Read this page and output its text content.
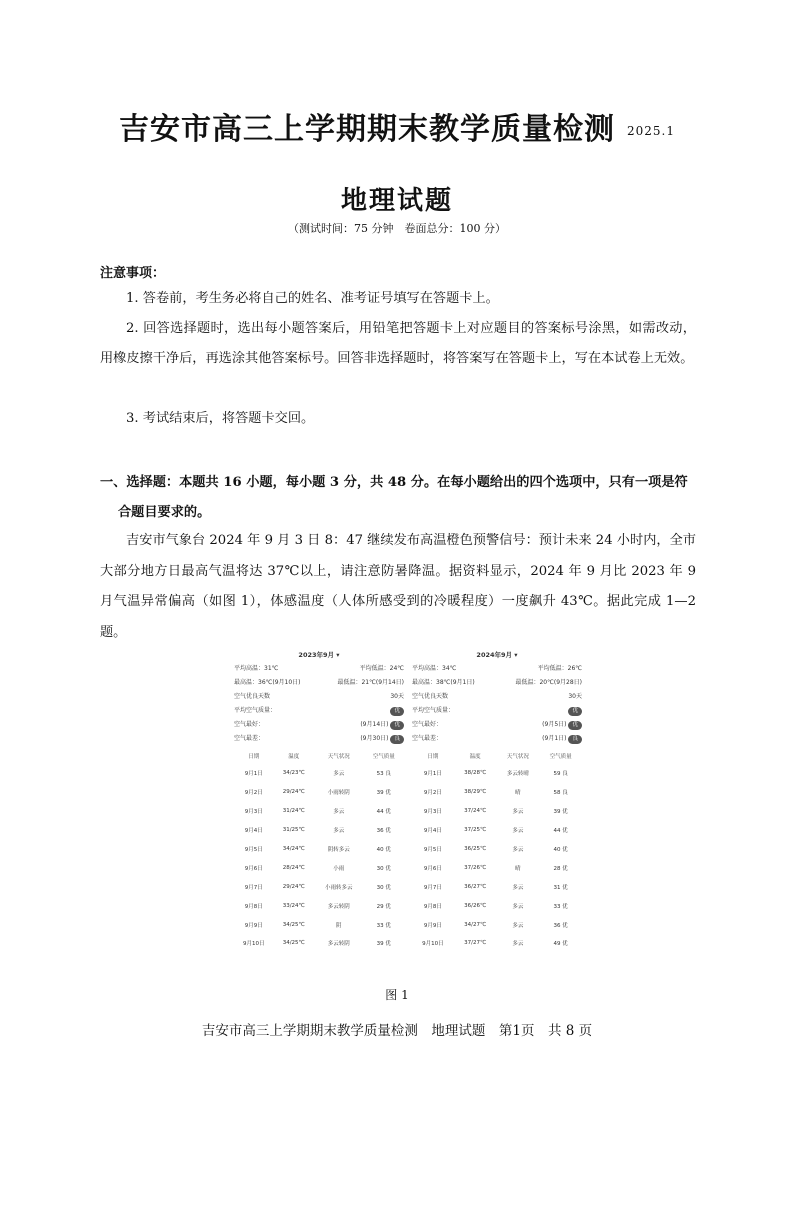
吉安市高三上学期期末教学质量检测 2025.1
地理试题
（测试时间：75 分钟　卷面总分：100 分）
注意事项：
1. 答卷前，考生务必将自己的姓名、准考证号填写在答题卡上。
2. 回答选择题时，选出每小题答案后，用铅笔把答题卡上对应题目的答案标号涂黑，如需改动，用橡皮擦干净后，再选涂其他答案标号。回答非选择题时，将答案写在答题卡上，写在本试卷上无效。
3. 考试结束后，将答题卡交回。
一、选择题：本题共 16 小题，每小题 3 分，共 48 分。在每小题给出的四个选项中，只有一项是符
合题目要求的。
吉安市气象台 2024 年 9 月 3 日 8：47 继续发布高温橙色预警信号：预计未来 24 小时内，全市大部分地方日最高气温将达 37℃以上，请注意防暑降温。据资料显示，2024 年 9 月比 2023 年 9 月气温异常偏高（如图 1），体感温度（人体所感受到的冷暖程度）一度飙升 43℃。据此完成 1—2 题。
2023年9月 ▾
平均高温：31℃	平均低温：24℃
最高温：36℃(9月10日)	最低温：21℃(9月14日)
空气优良天数	30天
平均空气质量：	优
空气最好：	(9月14日) 优
空气最差：	(9月30日) 良
日期	温度	天气状况	空气质量
9月1日	34/23℃	多云	53 良
9月2日	29/24℃	小雨转阴	39 优
9月3日	31/24℃	多云	44 优
9月4日	31/25℃	多云	36 优
9月5日	34/24℃	阴转多云	40 优
9月6日	28/24℃	小雨	30 优
9月7日	29/24℃	小雨转多云	30 优
9月8日	33/24℃	多云转阴	29 优
9月9日	34/25℃	阴	33 优
9月10日	34/25℃	多云转阴	39 优
2024年9月 ▾
平均高温：34℃	平均低温：26℃
最高温：38℃(9月1日)	最低温：20℃(9月28日)
空气优良天数	30天
平均空气质量：	优
空气最好：	(9月5日) 优
空气最差：	(9月1日) 良
日期	温度	天气状况	空气质量
9月1日	38/28℃	多云转晴	59 良
9月2日	38/29℃	晴	58 良
9月3日	37/24℃	多云	39 优
9月4日	37/25℃	多云	44 优
9月5日	36/25℃	多云	40 优
9月6日	37/26℃	晴	28 优
9月7日	36/27℃	多云	31 优
9月8日	36/26℃	多云	33 优
9月9日	34/27℃	多云	36 优
9月10日	37/27℃	多云	49 优
图 1
吉安市高三上学期期末教学质量检测　地理试题　第1页　共 8 页
